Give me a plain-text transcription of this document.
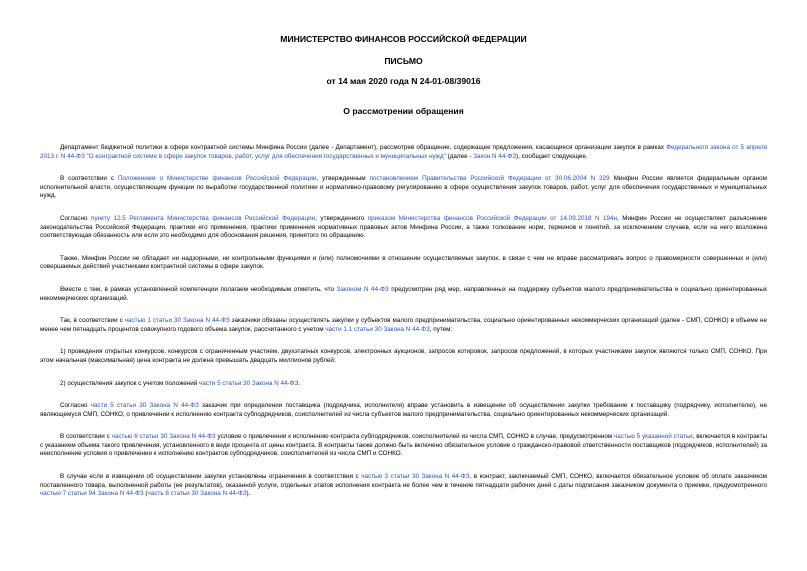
МИНИСТЕРСТВО ФИНАНСОВ РОССИЙСКОЙ ФЕДЕРАЦИИ

ПИСЬМО

от 14 мая 2020 года N 24-01-08/39016

О рассмотрении обращения

Департамент бюджетной политики в сфере контрактной системы Минфина России (далее - Департамент), рассмотрев обращение, содержащее предложения, касающиеся организации закупок в рамках Федерального закона от 5 апреля 2013 г. N 44-ФЗ "О контрактной системе в сфере закупок товаров, работ, услуг для обеспечения государственных и муниципальных нужд" (далее - Закон N 44-ФЗ), сообщает следующее.

В соответствии с Положением о Министерстве финансов Российской Федерации, утвержденным постановлением Правительства Российской Федерации от 30.06.2004 N 329 Минфин России является федеральным органом исполнительной власти, осуществляющим функции по выработке государственной политики и нормативно-правовому регулированию в сфере осуществления закупок товаров, работ, услуг для обеспечения государственных и муниципальных нужд.

Согласно пункту 12.5 Регламента Министерства финансов Российской Федерации, утвержденного приказом Министерства финансов Российской Федерации от 14.09.2018 N 194н, Минфин России не осуществляет разъяснение законодательства Российской Федерации, практики его применения, практики применения нормативных правовых актов Минфина России, а также толкование норм, терминов и понятий, за исключением случаев, если на него возложена соответствующая обязанность или если это необходимо для обоснования решения, принятого по обращению.

Также, Минфин России не обладает ни надзорными, ни контрольными функциями и (или) полномочиями в отношении осуществляемых закупок, в связи с чем не вправе рассматривать вопрос о правомерности совершенных и (или) совершаемых действий участниками контрактной системы в сфере закупок.

Вместе с тем, в рамках установленной компетенции полагаем необходимым отметить, что Законом N 44-ФЗ предусмотрен ряд мер, направленных на поддержку субъектов малого предпринимательства и социально ориентированных некоммерческих организаций.

Так, в соответствии с частью 1 статьи 30 Закона N 44-ФЗ заказчики обязаны осуществлять закупки у субъектов малого предпринимательства, социально ориентированных некоммерческих организаций (далее - СМП, СОНКО) в объеме не менее чем пятнадцать процентов совокупного годового объема закупок, рассчитанного с учетом части 1.1 статьи 30 Закона N 44-ФЗ, путем:

1) проведения открытых конкурсов, конкурсов с ограниченным участием, двухэтапных конкурсов, электронных аукционов, запросов котировок, запросов предложений, в которых участниками закупок являются только СМП, СОНКО. При этом начальная (максимальная) цена контракта не должна превышать двадцать миллионов рублей;

2) осуществления закупок с учетом положений части 5 статьи 30 Закона N 44-ФЗ.

Согласно части 5 статьи 30 Закона N 44-ФЗ заказчик при определении поставщика (подрядчика, исполнителя) вправе установить в извещении об осуществлении закупки требование к поставщику (подрядчику, исполнителю), не являющемуся СМП, СОНКО, о привлечении к исполнению контракта субподрядчиков, соисполнителей из числа субъектов малого предпринимательства, социально ориентированных некоммерческих организаций.

В соответствии с частью 6 статьи 30 Закона N 44-ФЗ условие о привлечении к исполнению контракта субподрядчиков, соисполнителей из числа СМП, СОНКО в случае, предусмотренном частью 5 указанной статьи, включается в контракты с указанием объема такого привлечения, установленного в виде процента от цены контракта. В контракты также должно быть включено обязательное условие о гражданско-правовой ответственности поставщиков (подрядчиков, исполнителей) за неисполнение условия о привлечении к исполнению контрактов субподрядчиков, соисполнителей из числа СМП и СОНКО.

В случае если в извещении об осуществлении закупки установлены ограничения в соответствии с частью 3 статьи 30 Закона N 44-ФЗ, в контракт, заключаемый СМП, СОНКО, включается обязательное условие об оплате заказчиком поставленного товара, выполненной работы (ее результатов), оказанной услуги, отдельных этапов исполнения контракта не более чем в течение пятнадцати рабочих дней с даты подписания заказчиком документа о приемке, предусмотренного частью 7 статьи 94 Закона N 44-ФЗ (часть 8 статьи 30 Закона N 44-ФЗ).
